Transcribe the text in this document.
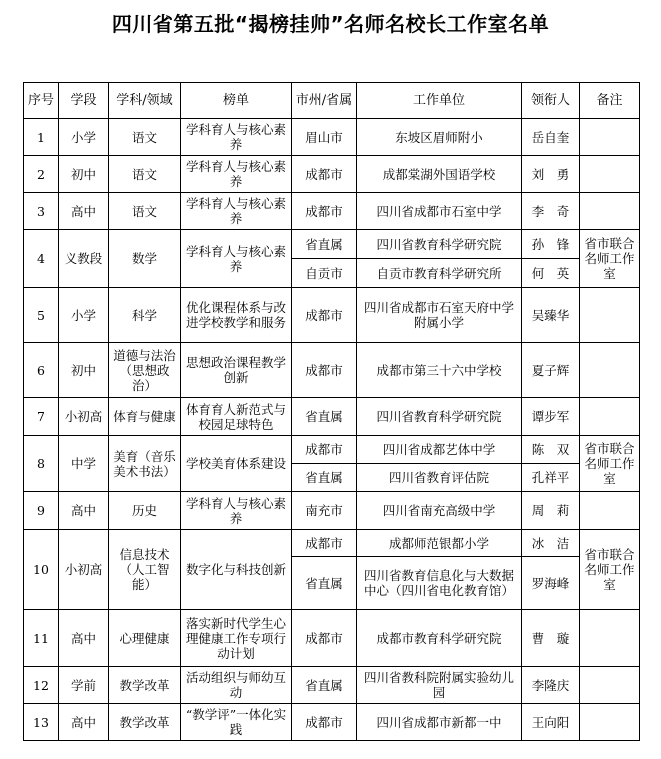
四川省第五批“揭榜挂帅”名师名校长工作室名单
序号	学段	学科/领域	榜单	市州/省属	工作单位	领衔人	备注
1	小学	语文	学科育人与核心素养	眉山市	东坡区眉师附小	岳自奎	
2	初中	语文	学科育人与核心素养	成都市	成都棠湖外国语学校	刘　勇	
3	高中	语文	学科育人与核心素养	成都市	四川省成都市石室中学	李　奇	
4	义教段	数学	学科育人与核心素养	省直属	四川省教育科学研究院	孙　锋	省市联合名师工作室
				自贡市	自贡市教育科学研究所	何　英	
5	小学	科学	优化课程体系与改进学校教学和服务	成都市	四川省成都市石室天府中学附属小学	吴臻华	
6	初中	道德与法治（思想政治）	思想政治课程教学创新	成都市	成都市第三十六中学校	夏子辉	
7	小初高	体育与健康	体育育人新范式与校园足球特色	省直属	四川省教育科学研究院	谭步军	
8	中学	美育（音乐美术书法）	学校美育体系建设	成都市	四川省成都艺体中学	陈　双	省市联合名师工作室
				省直属	四川省教育评估院	孔祥平	
9	高中	历史	学科育人与核心素养	南充市	四川省南充高级中学	周　莉	
10	小初高	信息技术（人工智能）	数字化与科技创新	成都市	成都师范银都小学	冰　洁	省市联合名师工作室
				省直属	四川省教育信息化与大数据中心（四川省电化教育馆）	罗海峰	
11	高中	心理健康	落实新时代学生心理健康工作专项行动计划	成都市	成都市教育科学研究院	曹　璇	
12	学前	教学改革	活动组织与师幼互动	省直属	四川省教科院附属实验幼儿园	李隆庆	
13	高中	教学改革	“教学评”一体化实践	成都市	四川省成都市新都一中	王向阳	
